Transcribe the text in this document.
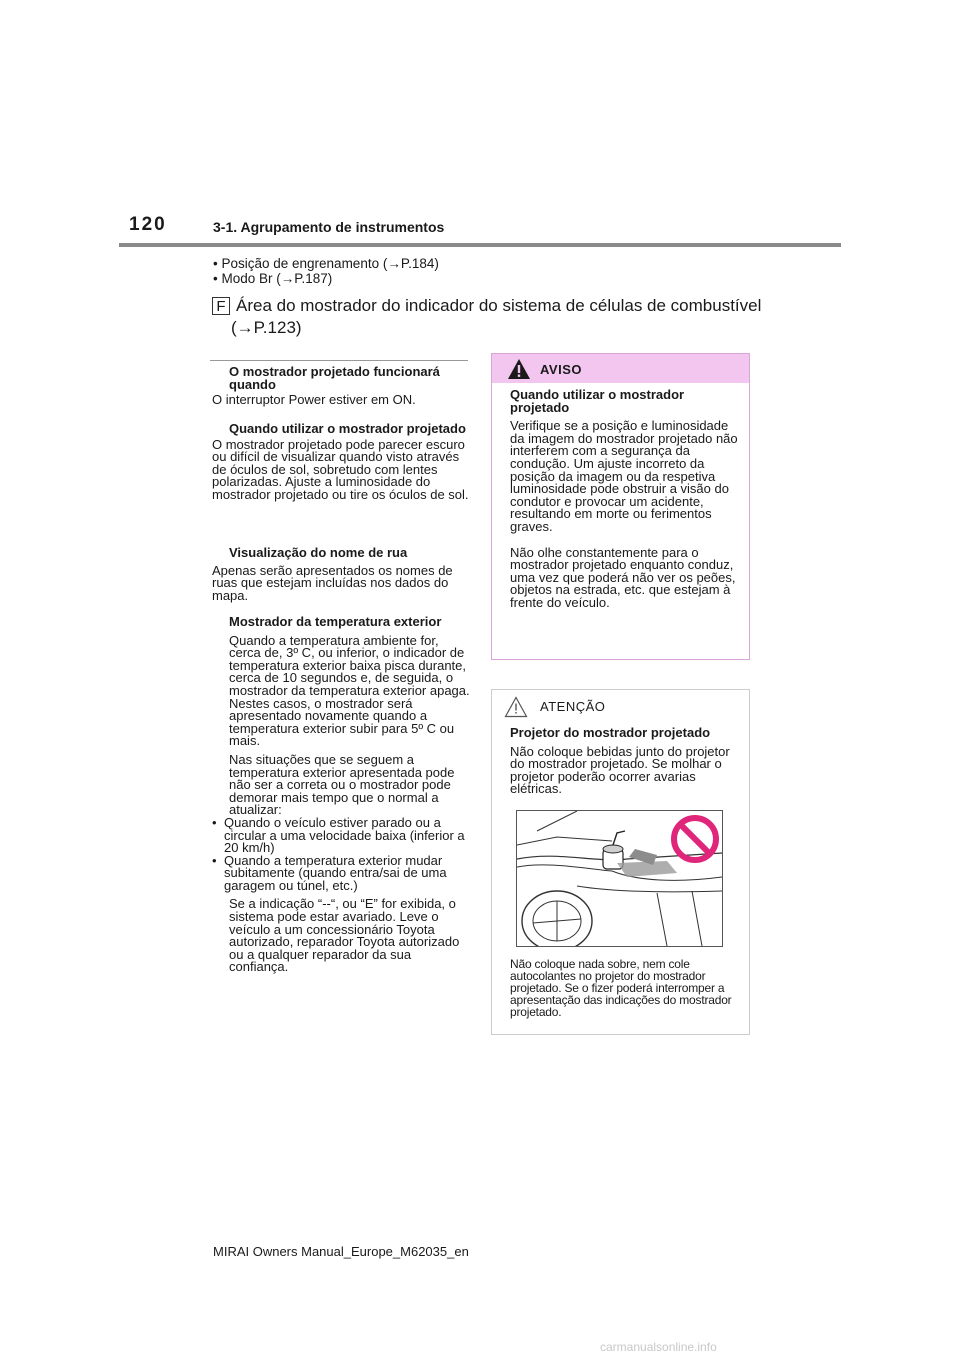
120	3-1. Agrupamento de instrumentos
• Posição de engrenamento (→P.184)
• Modo Br (→P.187)
F Área do mostrador do indicador do sistema de células de combustível
(→P.123)

O mostrador projetado funcionará quando

O interruptor Power estiver em ON.

Quando utilizar o mostrador projetado

O mostrador projetado pode parecer escuro ou difícil de visualizar quando visto através de óculos de sol, sobretudo com lentes polarizadas. Ajuste a luminosidade do mostrador projetado ou tire os óculos de sol.

Visualização do nome de rua

Apenas serão apresentados os nomes de ruas que estejam incluídas nos dados do mapa.

Mostrador da temperatura exterior

Quando a temperatura ambiente for, cerca de, 3º C, ou inferior, o indicador de temperatura exterior baixa pisca durante, cerca de 10 segundos e, de seguida, o mostrador da temperatura exterior apaga. Nestes casos, o mostrador será apresentado novamente quando a temperatura exterior subir para 5º C ou mais.

Nas situações que se seguem a temperatura exterior apresentada pode não ser a correta ou o mostrador pode demorar mais tempo que o normal a atualizar:

• Quando o veículo estiver parado ou a circular a uma velocidade baixa (inferior a 20 km/h)
• Quando a temperatura exterior mudar subitamente (quando entra/sai de uma garagem ou túnel, etc.)

Se a indicação “--“, ou “E” for exibida, o sistema pode estar avariado. Leve o veículo a um concessionário Toyota autorizado, reparador Toyota autorizado ou a qualquer reparador da sua confiança.

AVISO

Quando utilizar o mostrador projetado

Verifique se a posição e luminosidade da imagem do mostrador projetado não interferem com a segurança da condução. Um ajuste incorreto da posição da imagem ou da respetiva luminosidade pode obstruir a visão do condutor e provocar um acidente, resultando em morte ou ferimentos graves.

Não olhe constantemente para o mostrador projetado enquanto conduz, uma vez que poderá não ver os peões, objetos na estrada, etc. que estejam à frente do veículo.

ATENÇÃO

Projetor do mostrador projetado

Não coloque bebidas junto do projetor do mostrador projetado. Se molhar o projetor poderão ocorrer avarias elétricas.

Não coloque nada sobre, nem cole autocolantes no projetor do mostrador projetado. Se o fizer poderá interromper a apresentação das indicações do mostrador projetado.
MIRAI Owners Manual_Europe_M62035_en
carmanualsonline.info
